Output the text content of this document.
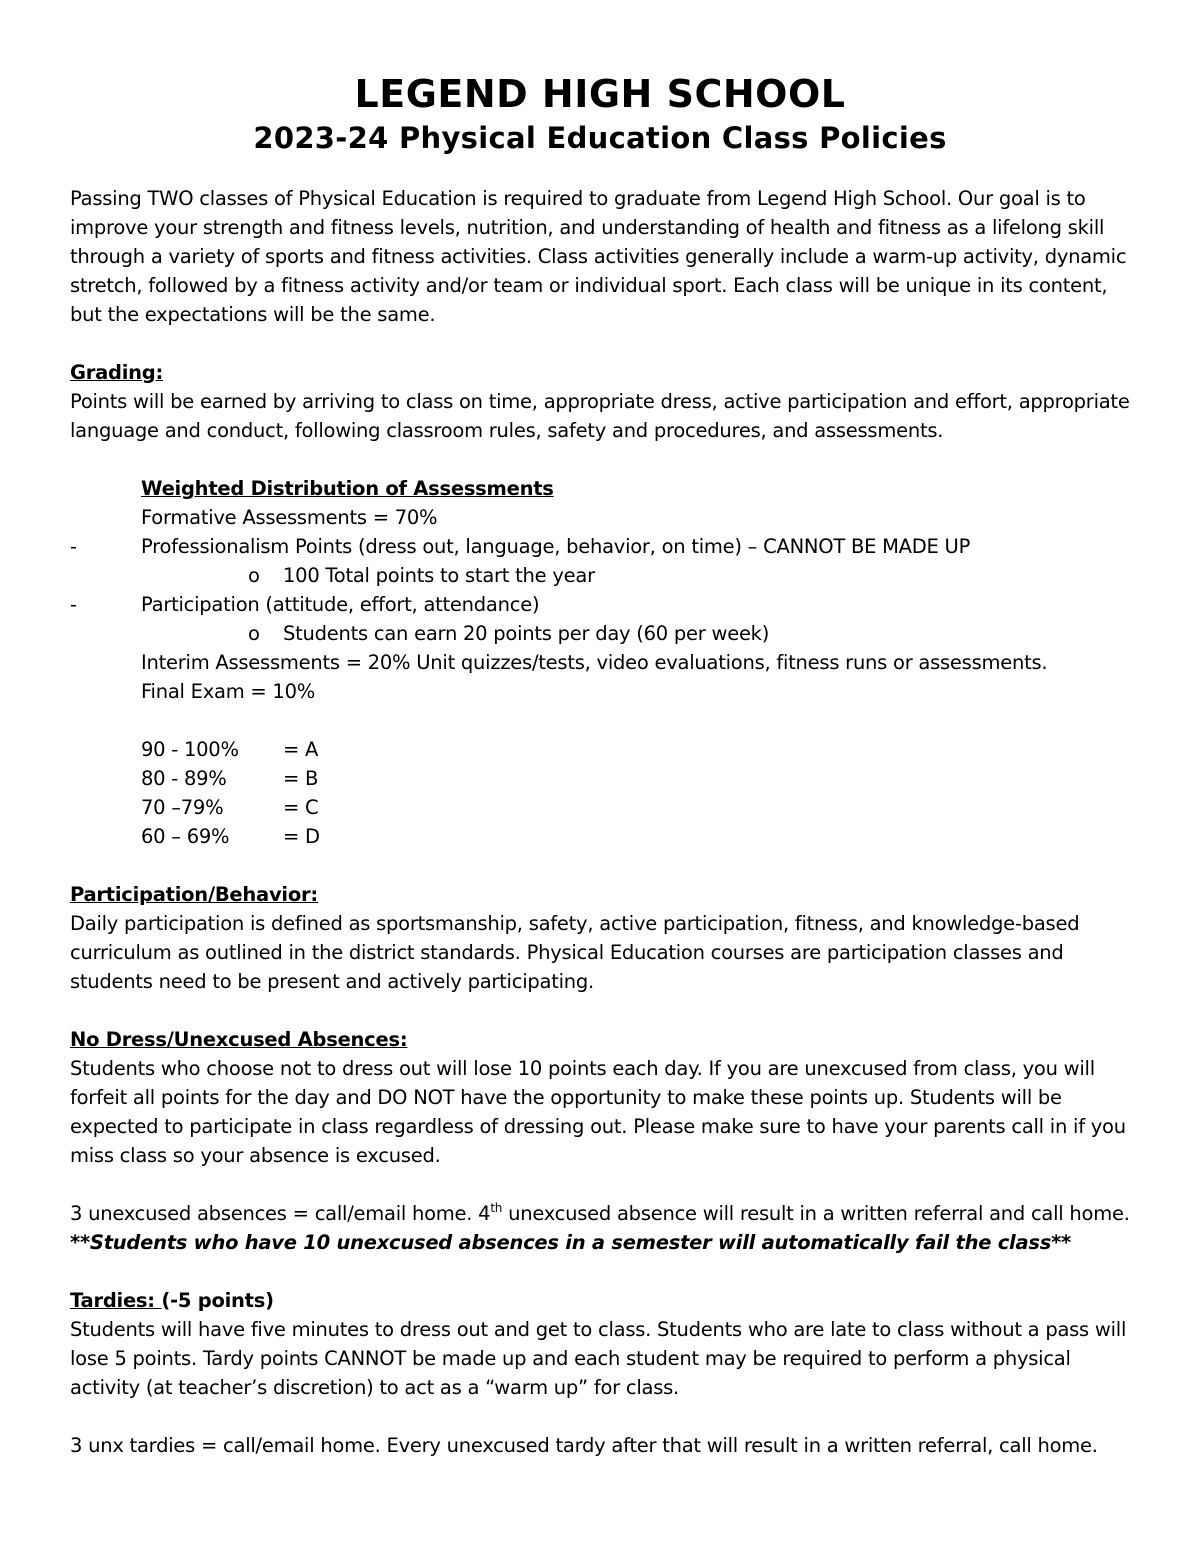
LEGEND HIGH SCHOOL
2023-24 Physical Education Class Policies

Passing TWO classes of Physical Education is required to graduate from Legend High School. Our goal is to improve your strength and fitness levels, nutrition, and understanding of health and fitness as a lifelong skill through a variety of sports and fitness activities. Class activities generally include a warm-up activity, dynamic stretch, followed by a fitness activity and/or team or individual sport. Each class will be unique in its content, but the expectations will be the same.

Grading:

Points will be earned by arriving to class on time, appropriate dress, active participation and effort, appropriate language and conduct, following classroom rules, safety and procedures, and assessments.

Weighted Distribution of Assessments

Formative Assessments = 70%

-	Professionalism Points (dress out, language, behavior, on time) – CANNOT BE MADE UP

o 100 Total points to start the year

-	Participation (attitude, effort, attendance)

o Students can earn 20 points per day (60 per week)

Interim Assessments = 20% Unit quizzes/tests, video evaluations, fitness runs or assessments.

Final Exam = 10%

90 - 100%	= A
80 - 89%	= B
70 –79%	= C
60 – 69%	= D

Participation/Behavior:

Daily participation is defined as sportsmanship, safety, active participation, fitness, and knowledge-based curriculum as outlined in the district standards. Physical Education courses are participation classes and students need to be present and actively participating.

No Dress/Unexcused Absences:

Students who choose not to dress out will lose 10 points each day. If you are unexcused from class, you will forfeit all points for the day and DO NOT have the opportunity to make these points up. Students will be expected to participate in class regardless of dressing out. Please make sure to have your parents call in if you miss class so your absence is excused.

3 unexcused absences = call/email home. 4th unexcused absence will result in a written referral and call home.

**Students who have 10 unexcused absences in a semester will automatically fail the class**

Tardies: (-5 points)

Students will have five minutes to dress out and get to class. Students who are late to class without a pass will lose 5 points. Tardy points CANNOT be made up and each student may be required to perform a physical activity (at teacher’s discretion) to act as a “warm up” for class.

3 unx tardies = call/email home. Every unexcused tardy after that will result in a written referral, call home.
